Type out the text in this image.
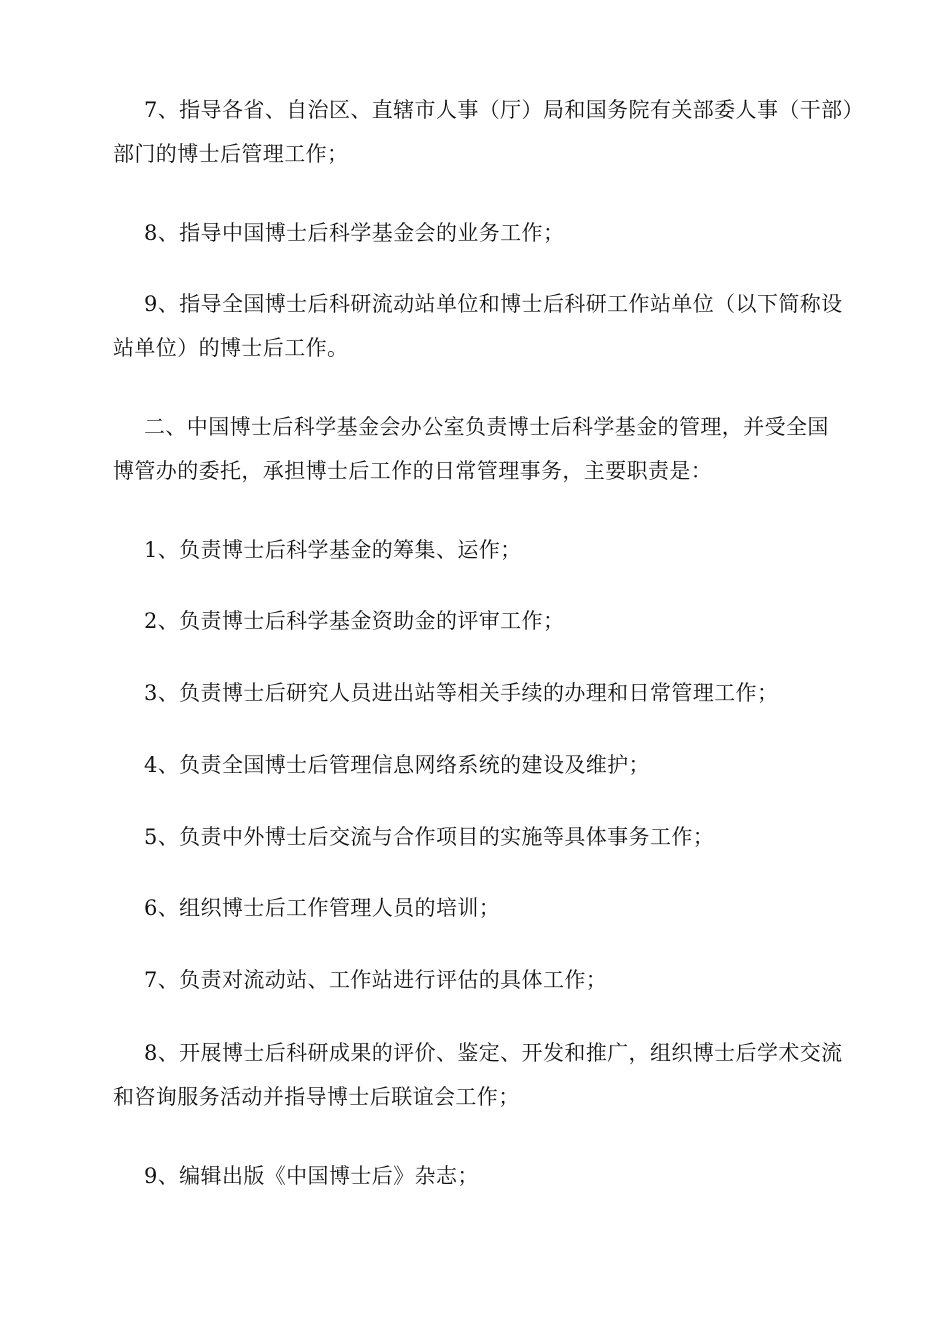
7、指导各省、自治区、直辖市人事（厅）局和国务院有关部委人事（干部）
部门的博士后管理工作；

8、指导中国博士后科学基金会的业务工作；

9、指导全国博士后科研流动站单位和博士后科研工作站单位（以下简称设
站单位）的博士后工作。

二、中国博士后科学基金会办公室负责博士后科学基金的管理，并受全国
博管办的委托，承担博士后工作的日常管理事务，主要职责是：

1、负责博士后科学基金的筹集、运作；

2、负责博士后科学基金资助金的评审工作；

3、负责博士后研究人员进出站等相关手续的办理和日常管理工作；

4、负责全国博士后管理信息网络系统的建设及维护；

5、负责中外博士后交流与合作项目的实施等具体事务工作；

6、组织博士后工作管理人员的培训；

7、负责对流动站、工作站进行评估的具体工作；

8、开展博士后科研成果的评价、鉴定、开发和推广，组织博士后学术交流
和咨询服务活动并指导博士后联谊会工作；

9、编辑出版《中国博士后》杂志；
